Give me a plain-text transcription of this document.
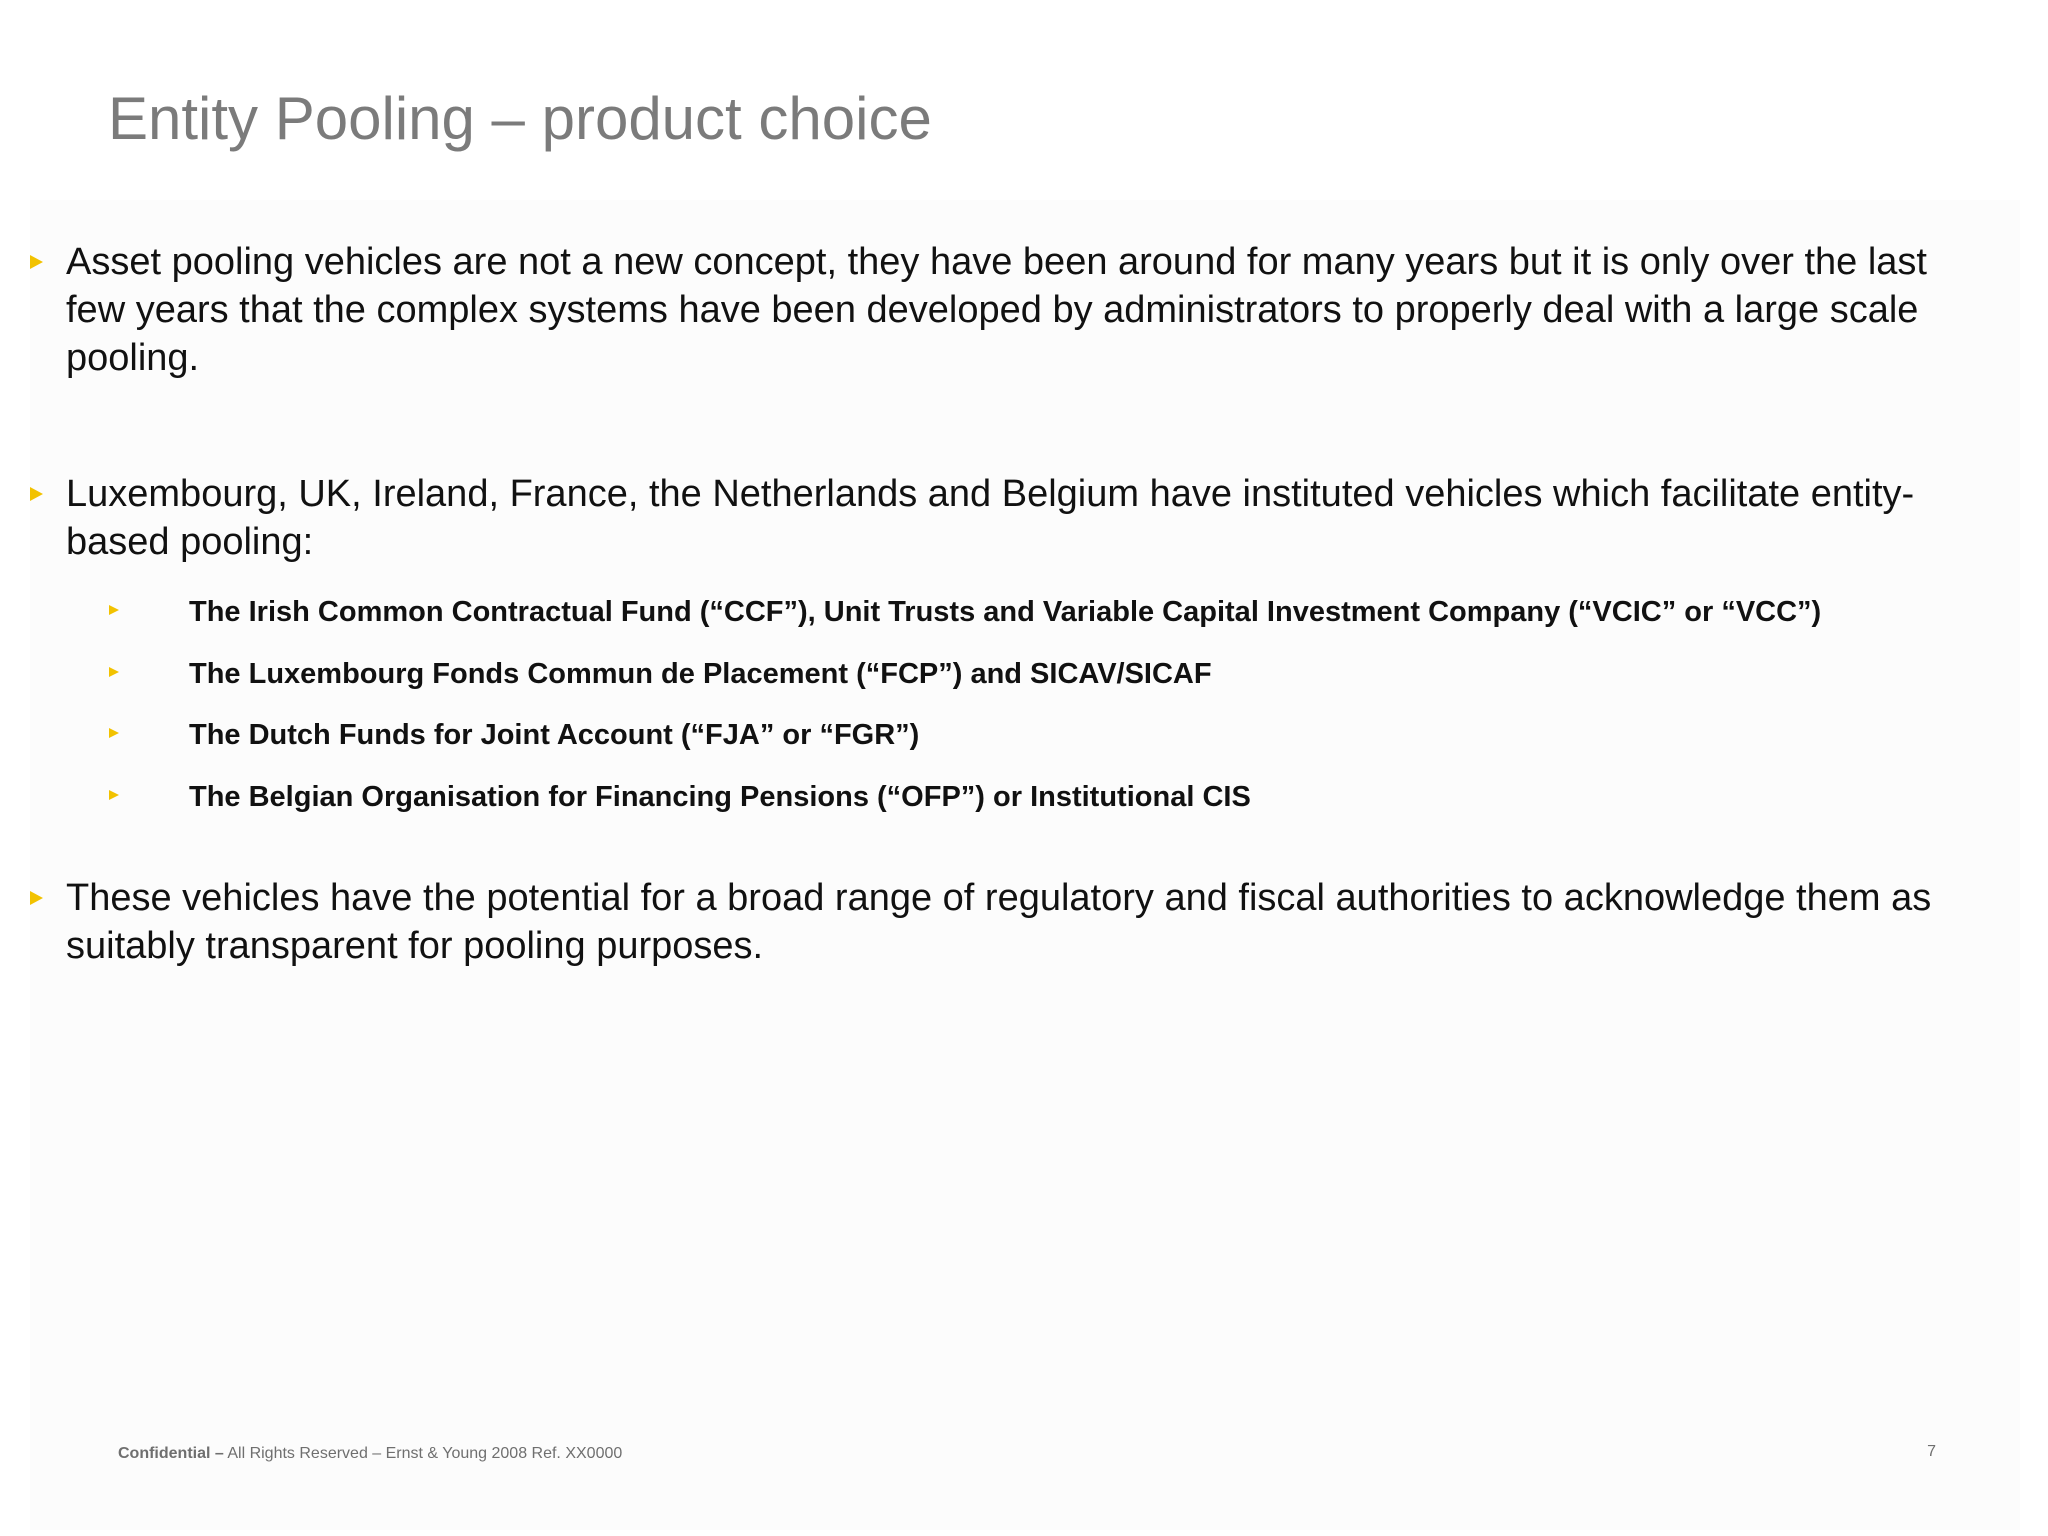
Entity Pooling – product choice
Asset pooling vehicles are not a new concept, they have been around for many years but it is only over the last few years that the complex systems have been developed by administrators to properly deal with a large scale pooling.
Luxembourg, UK, Ireland, France, the Netherlands and Belgium have instituted vehicles which facilitate entity-based pooling:
The Irish Common Contractual Fund (“CCF”), Unit Trusts and Variable Capital Investment Company (“VCIC” or “VCC”)
The Luxembourg Fonds Commun de Placement (“FCP”) and SICAV/SICAF
The Dutch Funds for Joint Account (“FJA” or “FGR”)
The Belgian Organisation for Financing Pensions (“OFP”) or Institutional CIS
These vehicles have the potential for a broad range of regulatory and fiscal authorities to acknowledge them as suitably transparent for pooling purposes.
Confidential – All Rights Reserved – Ernst & Young 2008 Ref. XX0000	7
